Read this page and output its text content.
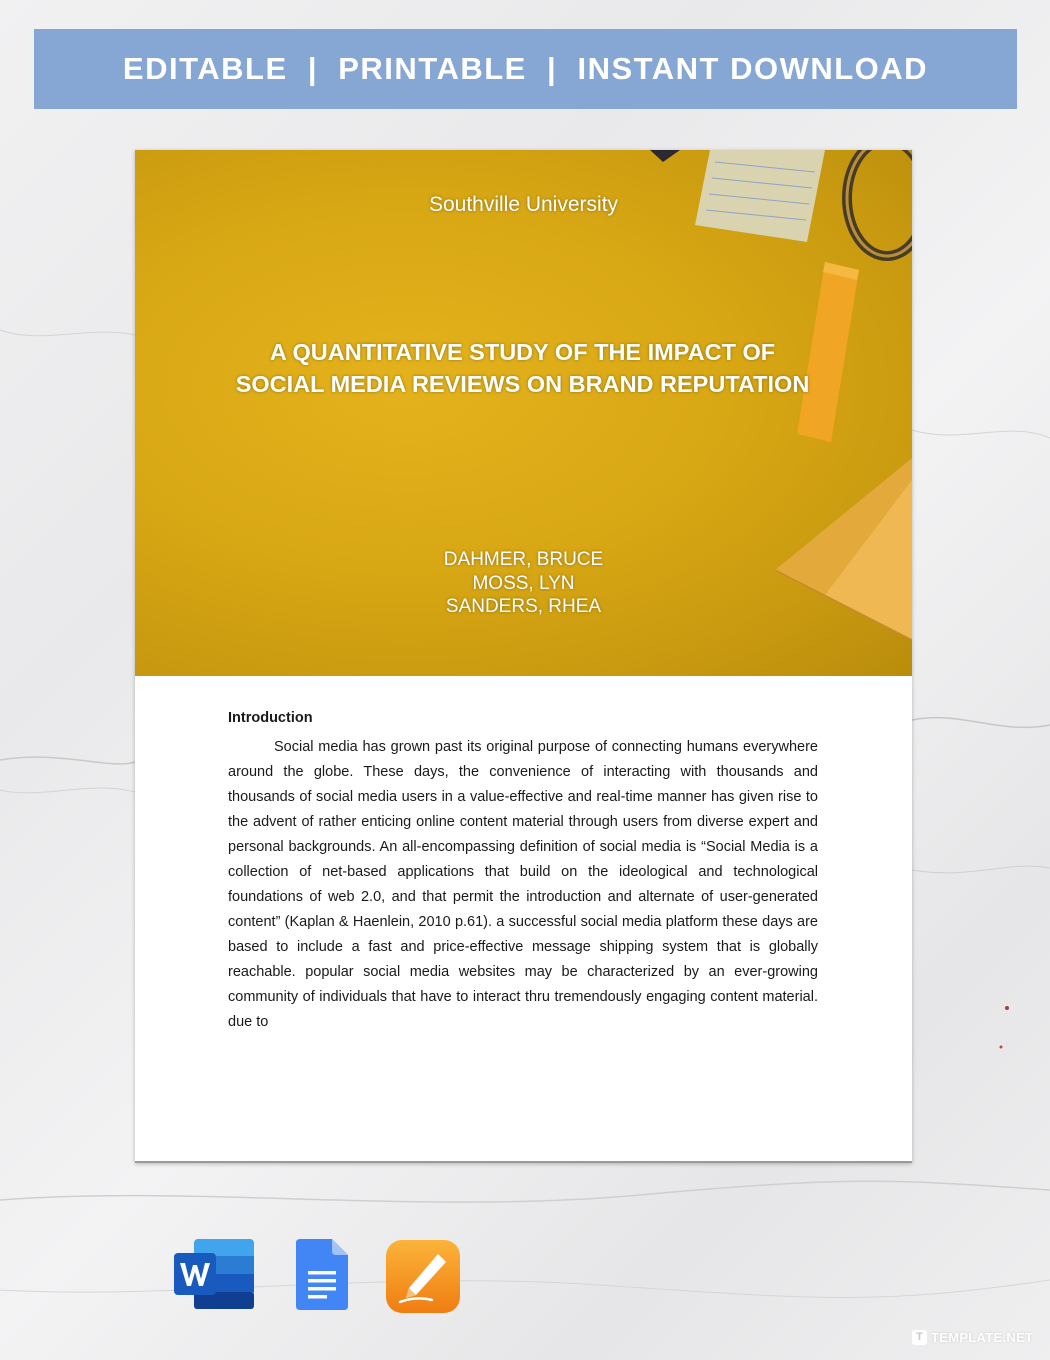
EDITABLE  |  PRINTABLE  |  INSTANT DOWNLOAD
Southville University
A QUANTITATIVE STUDY OF THE IMPACT OF SOCIAL MEDIA REVIEWS ON BRAND REPUTATION
DAHMER, BRUCE
MOSS, LYN
SANDERS, RHEA
Introduction

Social media has grown past its original purpose of connecting humans everywhere around the globe. These days, the convenience of interacting with thousands and thousands of social media users in a value-effective and real-time manner has given rise to the advent of rather enticing online content material through users from diverse expert and personal backgrounds. An all-encompassing definition of social media is “Social Media is a collection of net-based applications that build on the ideological and technological foundations of web 2.0, and that permit the introduction and alternate of user-generated content” (Kaplan & Haenlein, 2010 p.61). a successful social media platform these days are based to include a fast and price-effective message shipping system that is globally reachable. popular social media websites may be characterized by an ever-growing community of individuals that have to interact thru tremendously engaging content material. due to

T TEMPLATE.NET
